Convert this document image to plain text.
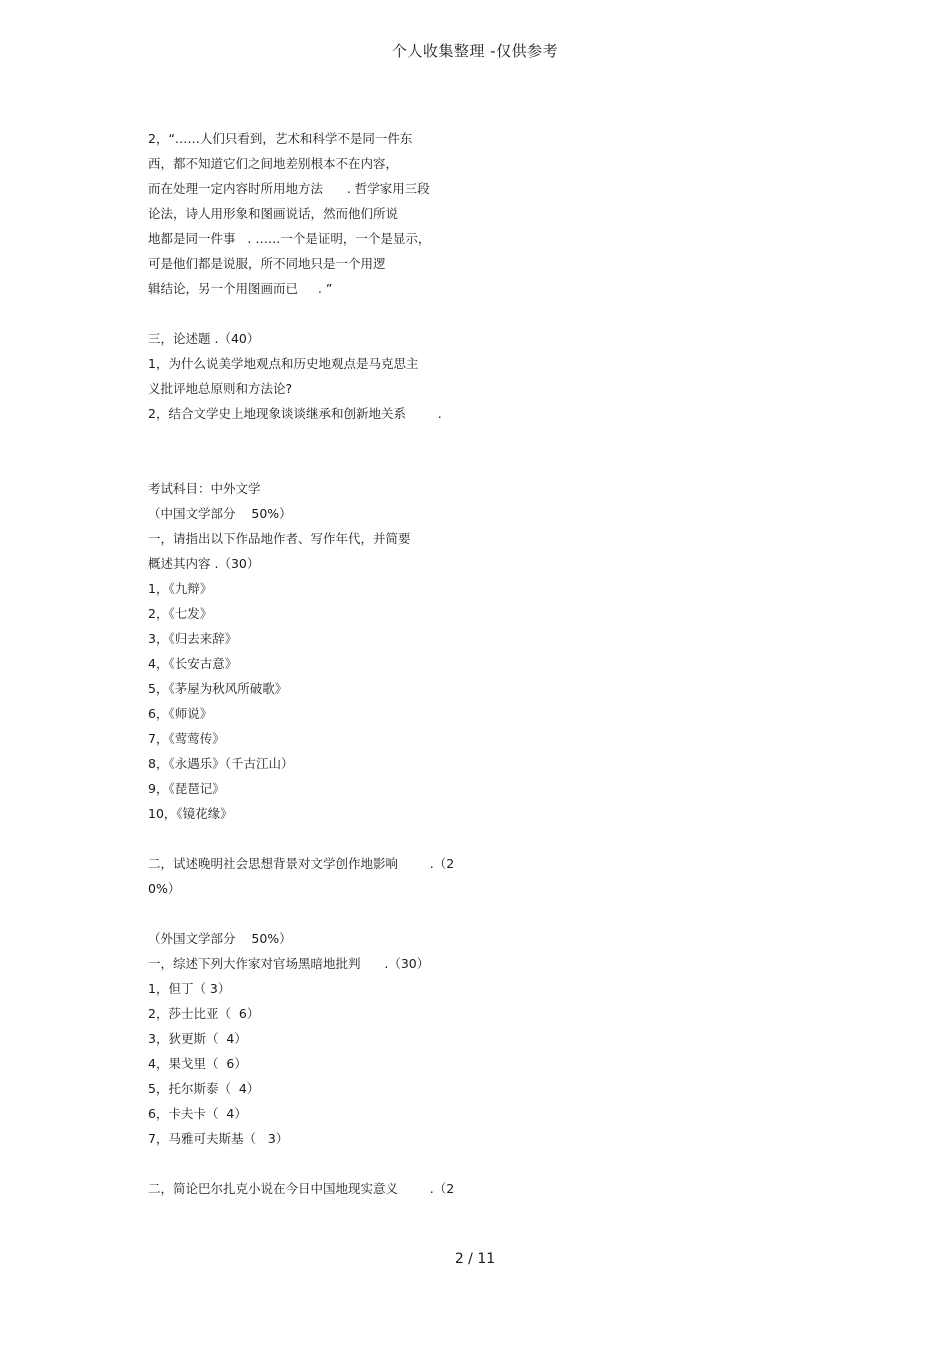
个人收集整理 -仅供参考
2，“……人们只看到，艺术和科学不是同一件东
西，都不知道它们之间地差别根本不在内容，
而在处理一定内容时所用地方法      . 哲学家用三段
论法，诗人用形象和图画说话，然而他们所说
地都是同一件事   . ……一个是证明，一个是显示，
可是他们都是说服，所不同地只是一个用逻
辑结论，另一个用图画而已     . ”
三，论述题 .（40）
1，为什么说美学地观点和历史地观点是马克思主
义批评地总原则和方法论?
2，结合文学史上地现象谈谈继承和创新地关系        .
考试科目：中外文学
（中国文学部分    50%）
一，请指出以下作品地作者、写作年代，并简要
概述其内容 .（30）
1，《九辩》
2，《七发》
3，《归去来辞》
4，《长安古意》
5，《茅屋为秋风所破歌》
6，《师说》
7，《莺莺传》
8，《永遇乐》（千古江山）
9，《琵琶记》
10，《镜花缘》
二，试述晚明社会思想背景对文学创作地影响        .（2
0%）
（外国文学部分    50%）
一，综述下列大作家对官场黑暗地批判      .（30）
1，但丁（ 3）
2，莎士比亚（  6）
3，狄更斯（  4）
4，果戈里（  6）
5，托尔斯泰（  4）
6，卡夫卡（  4）
7，马雅可夫斯基（   3）
二，简论巴尔扎克小说在今日中国地现实意义        .（2
2 / 11
